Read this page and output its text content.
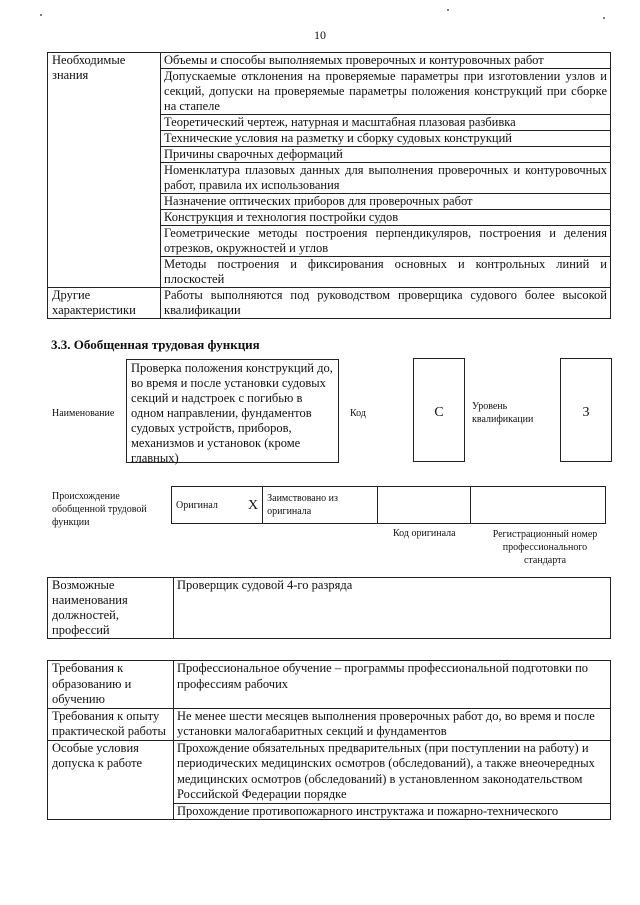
10
Необходимые знания	Объемы и способы выполняемых проверочных и контуровочных работ
	Допускаемые отклонения на проверяемые параметры при изготовлении узлов и секций, допуски на проверяемые параметры положения конструкций при сборке на стапеле
	Теоретический чертеж, натурная и масштабная плазовая разбивка
	Технические условия на разметку и сборку судовых конструкций
	Причины сварочных деформаций
	Номенклатура плазовых данных для выполнения проверочных и контуровочных работ, правила их использования
	Назначение оптических приборов для проверочных работ
	Конструкция и технология постройки судов
	Геометрические методы построения перпендикуляров, построения и деления отрезков, окружностей и углов
	Методы построения и фиксирования основных и контрольных линий и плоскостей
Другие характеристики	Работы выполняются под руководством проверщика судового более высокой квалификации
3.3. Обобщенная трудовая функция
Наименование
Проверка положения конструкций до, во время и после установки судовых секций и надстроек с погибью в одном направлении, фундаментов судовых устройств, приборов, механизмов и установок (кроме главных)
Код	C	Уровень квалификации	3
Происхождение обобщенной трудовой функции
Оригинал	X	Заимствовано из оригинала		
Код оригинала	Регистрационный номер профессионального стандарта
Возможные наименования должностей, профессий	Проверщик судовой 4-го разряда
Требования к образованию и обучению	Профессиональное обучение – программы профессиональной подготовки по профессиям рабочих
Требования к опыту практической работы	Не менее шести месяцев выполнения проверочных работ до, во время и после установки малогабаритных секций и фундаментов
Особые условия допуска к работе	Прохождение обязательных предварительных (при поступлении на работу) и периодических медицинских осмотров (обследований), а также внеочередных медицинских осмотров (обследований) в установленном законодательством Российской Федерации порядке
	Прохождение противопожарного инструктажа и пожарно-технического
